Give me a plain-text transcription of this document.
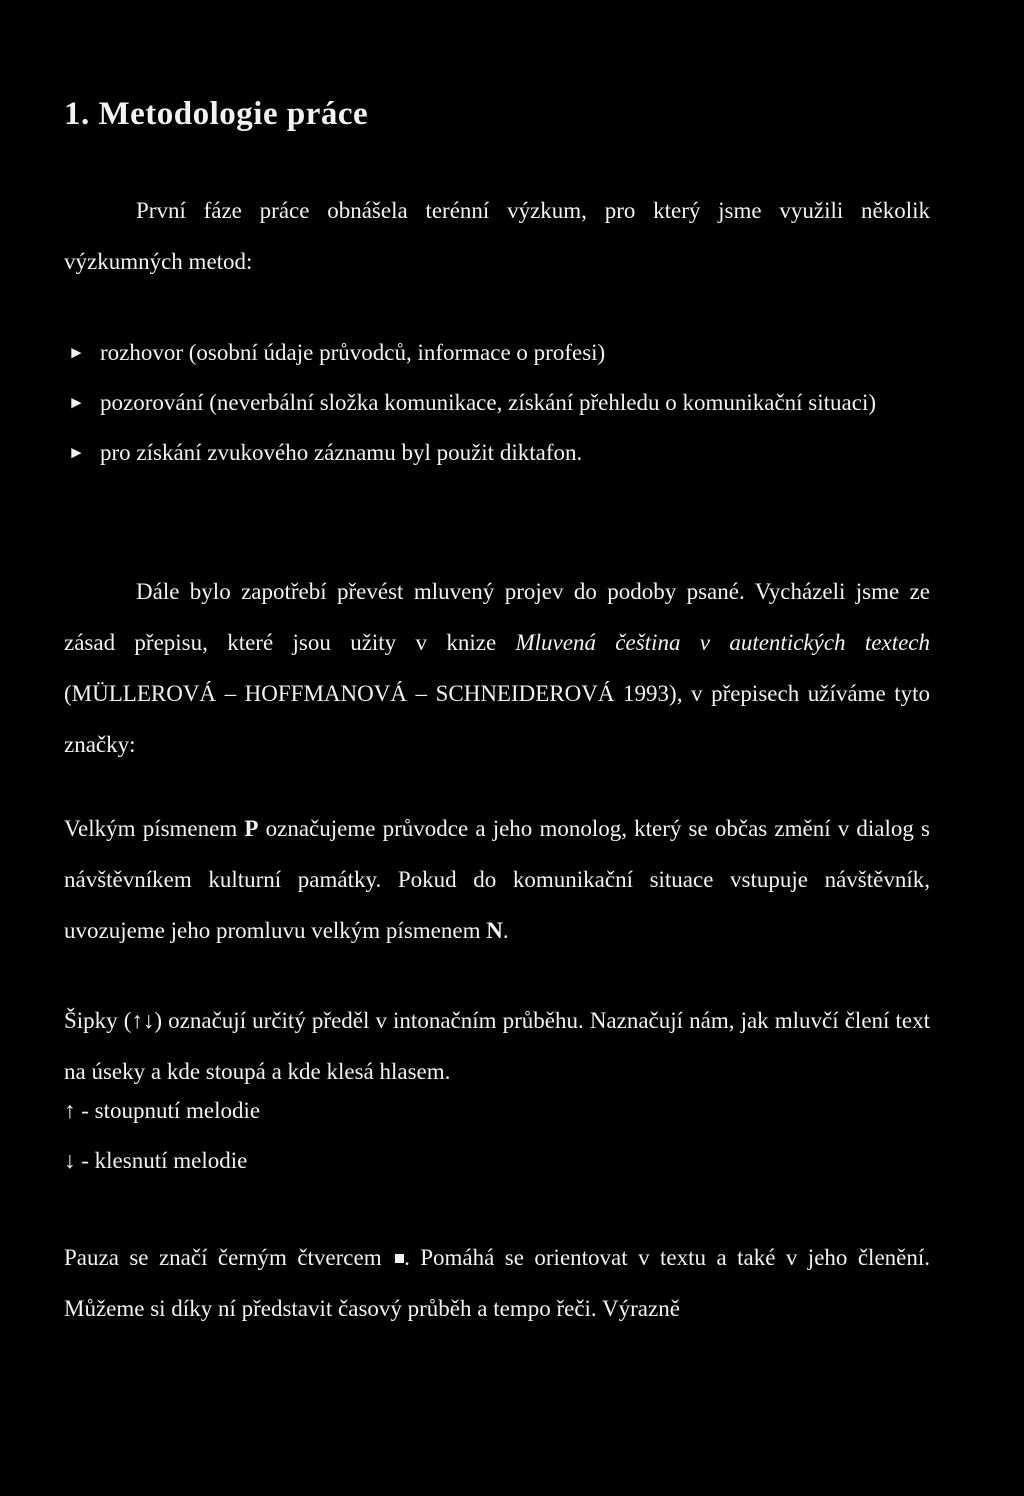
1. Metodologie práce

První fáze práce obnášela terénní výzkum, pro který jsme využili několik výzkumných metod:

► rozhovor (osobní údaje průvodců, informace o profesi)
► pozorování (neverbální složka komunikace, získání přehledu o komunikační situaci)
► pro získání zvukového záznamu byl použit diktafon.

Dále bylo zapotřebí převést mluvený projev do podoby psané. Vycházeli jsme ze zásad přepisu, které jsou užity v knize Mluvená čeština v autentických textech (MÜLLEROVÁ – HOFFMANOVÁ – SCHNEIDEROVÁ 1993), v přepisech užíváme tyto značky:

Velkým písmenem P označujeme průvodce a jeho monolog, který se občas změní v dialog s návštěvníkem kulturní památky. Pokud do komunikační situace vstupuje návštěvník, uvozujeme jeho promluvu velkým písmenem N.

Šipky (↑↓) označují určitý předěl v intonačním průběhu. Naznačují nám, jak mluvčí člení text na úseky a kde stoupá a kde klesá hlasem.

↑ - stoupnutí melodie

↓ - klesnutí melodie

Pauza se značí černým čtvercem . Pomáhá se orientovat v textu a také v jeho členění. Můžeme si díky ní představit časový průběh a tempo řeči. Výrazně
